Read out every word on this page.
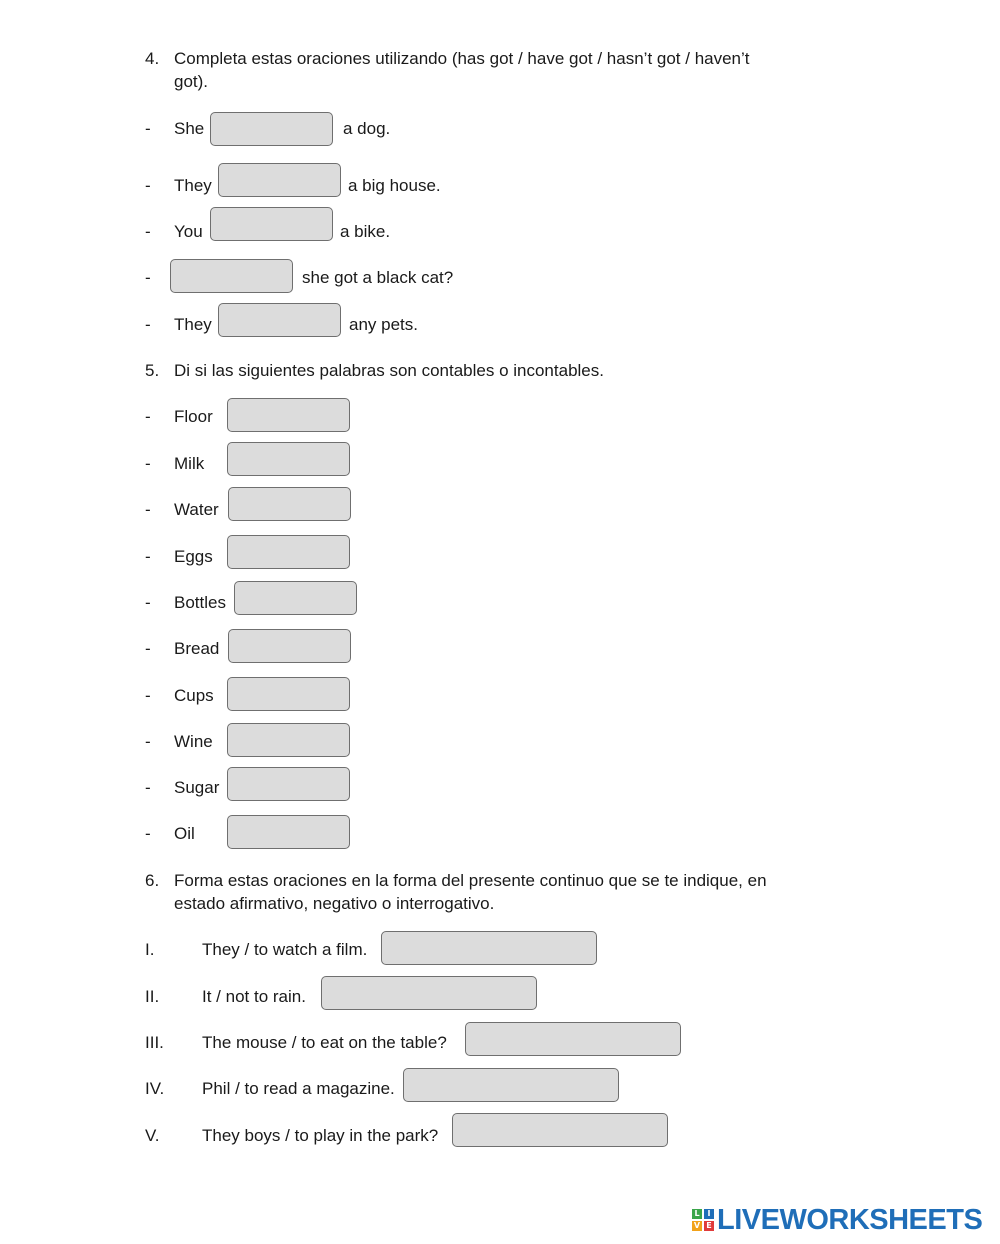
4. Completa estas oraciones utilizando (has got / have got / hasn’t got / haven’t
got).
- She	a dog.
- They	a big house.
- You	a bike.
-	she got a black cat?
- They	any pets.
5. Di si las siguientes palabras son contables o incontables.
- Floor
- Milk
- Water
- Eggs
- Bottles
- Bread
- Cups
- Wine
- Sugar
- Oil
6. Forma estas oraciones en la forma del presente continuo que se te indique, en
estado afirmativo, negativo o interrogativo.
I.	They / to watch a film.
II.	It / not to rain.
III. The mouse / to eat on the table?
IV. Phil / to read a magazine.
V. They boys / to play in the park?
L I
V E LIVEWORKSHEETS
